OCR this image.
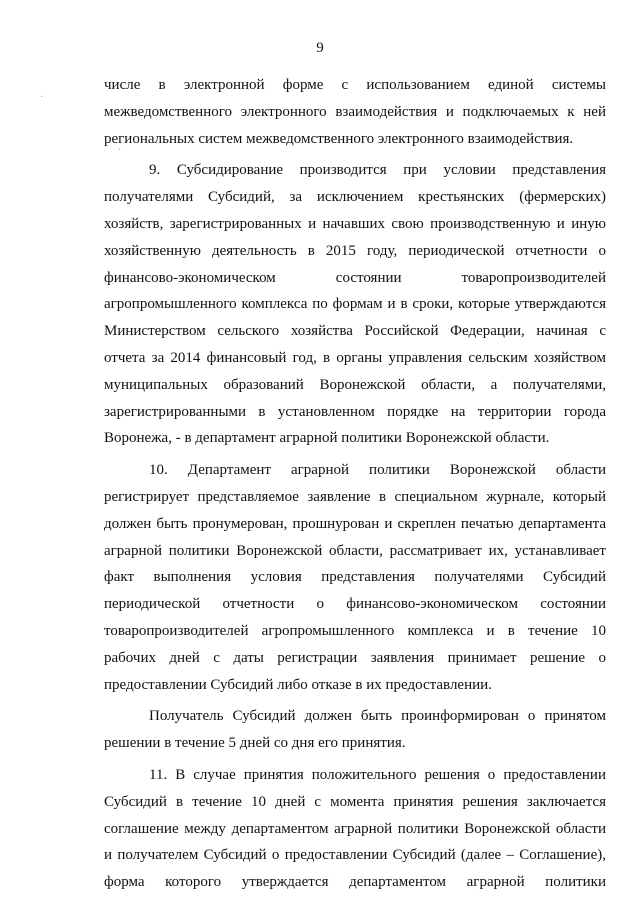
9
·
·
числе в электронной форме с использованием единой системы
межведомственного электронного взаимодействия и подключаемых к ней
региональных систем межведомственного электронного взаимодействия.
9. Субсидирование производится при условии представления
получателями Субсидий, за исключением крестьянских (фермерских)
хозяйств, зарегистрированных и начавших свою производственную и иную
хозяйственную деятельность в 2015 году, периодической отчетности о
финансово-экономическом состоянии товаропроизводителей
агропромышленного комплекса по формам и в сроки, которые утверждаются
Министерством сельского хозяйства Российской Федерации, начиная с
отчета за 2014 финансовый год, в органы управления сельским хозяйством
муниципальных образований Воронежской области, а получателями,
зарегистрированными в установленном порядке на территории города
Воронежа, - в департамент аграрной политики Воронежской области.
10. Департамент аграрной политики Воронежской области
регистрирует представляемое заявление в специальном журнале, который
должен быть пронумерован, прошнурован и скреплен печатью департамента
аграрной политики Воронежской области, рассматривает их, устанавливает
факт выполнения условия представления получателями Субсидий
периодической отчетности о финансово-экономическом состоянии
товаропроизводителей агропромышленного комплекса и в течение 10
рабочих дней с даты регистрации заявления принимает решение о
предоставлении Субсидий либо отказе в их предоставлении.
Получатель Субсидий должен быть проинформирован о принятом
решении в течение 5 дней со дня его принятия.
11. В случае принятия положительного решения о предоставлении
Субсидий в течение 10 дней с момента принятия решения заключается
соглашение между департаментом аграрной политики Воронежской области
и получателем Субсидий о предоставлении Субсидий (далее – Соглашение),
форма которого утверждается департаментом аграрной политики
